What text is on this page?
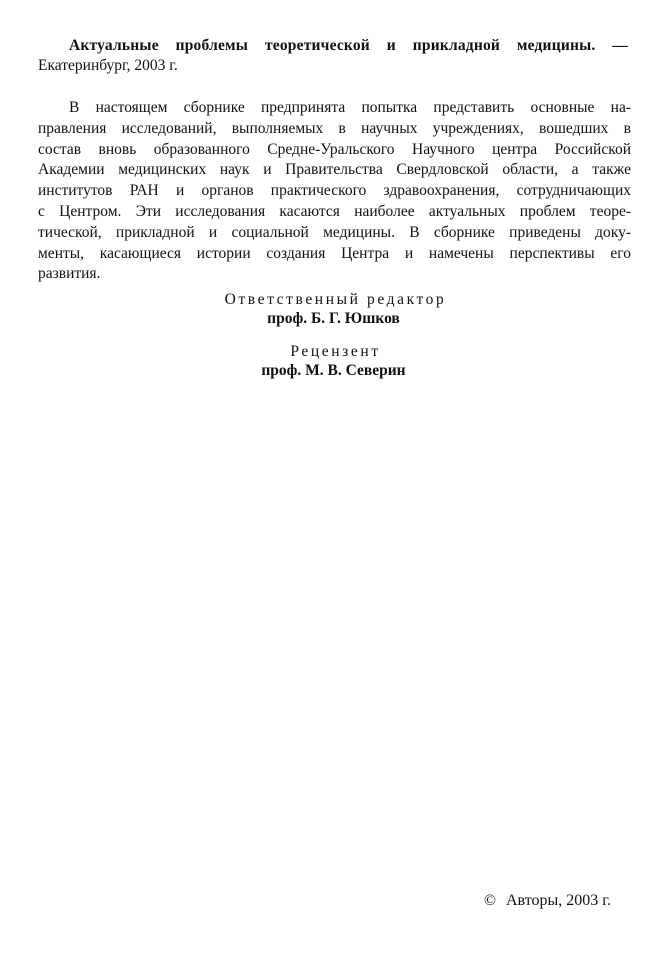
Актуальные проблемы теоретической и прикладной медицины. —
Екатеринбург, 2003 г.
В настоящем сборнике предпринята попытка представить основные на-
правления исследований, выполняемых в научных учреждениях, вошедших в
состав вновь образованного Средне-Уральского Научного центра Российской
Академии медицинских наук и Правительства Свердловской области, а также
институтов РАН и органов практического здравоохранения, сотрудничающих
с Центром. Эти исследования касаются наиболее актуальных проблем теоре-
тической, прикладной и социальной медицины. В сборнике приведены доку-
менты, касающиеся истории создания Центра и намечены перспективы его
развития.
Ответственный редактор
проф. Б. Г. Юшков
Рецензент
проф. М. В. Северин
© Авторы, 2003 г.
